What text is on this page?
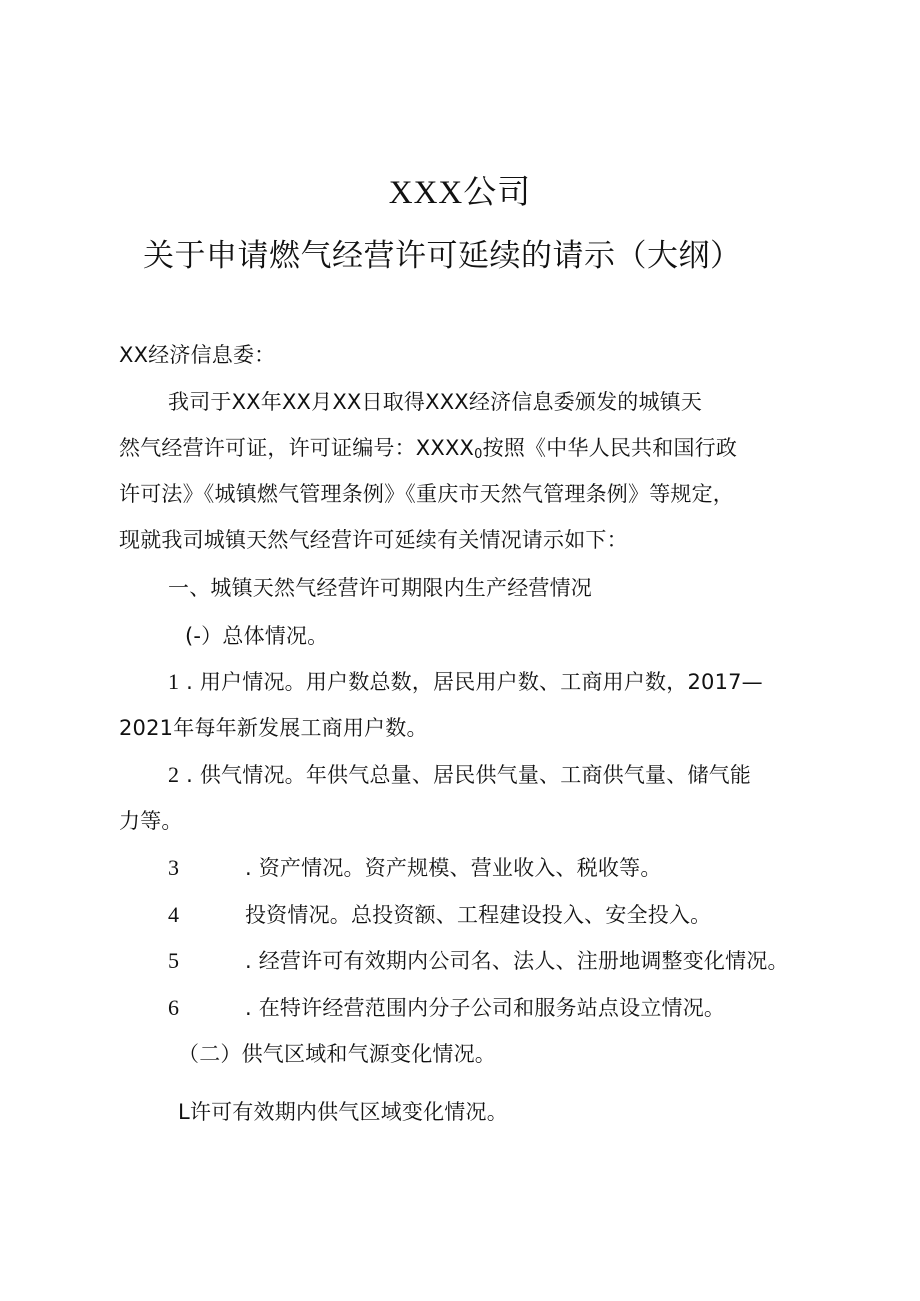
XXX公司
关于申请燃气经营许可延续的请示（大纲）
XX经济信息委：
我司于XX年XX月XX日取得XXX经济信息委颁发的城镇天
然气经营许可证，许可证编号：$XXXX_0$按照《中华人民共和国行政
许可法》《城镇燃气管理条例》《重庆市天然气管理条例》等规定，
现就我司城镇天然气经营许可延续有关情况请示如下：
一、城镇天然气经营许可期限内生产经营情况
(-）总体情况。
1 . 用户情况。用户数总数，居民用户数、工商用户数，2017—
2021年每年新发展工商用户数。
2 . 供气情况。年供气总量、居民供气量、工商供气量、储气能
力等。
3	. 资产情况。资产规模、营业收入、税收等。
4	投资情况。总投资额、工程建设投入、安全投入。
5	. 经营许可有效期内公司名、法人、注册地调整变化情况。
6	. 在特许经营范围内分子公司和服务站点设立情况。
（二）供气区域和气源变化情况。
L许可有效期内供气区域变化情况。
